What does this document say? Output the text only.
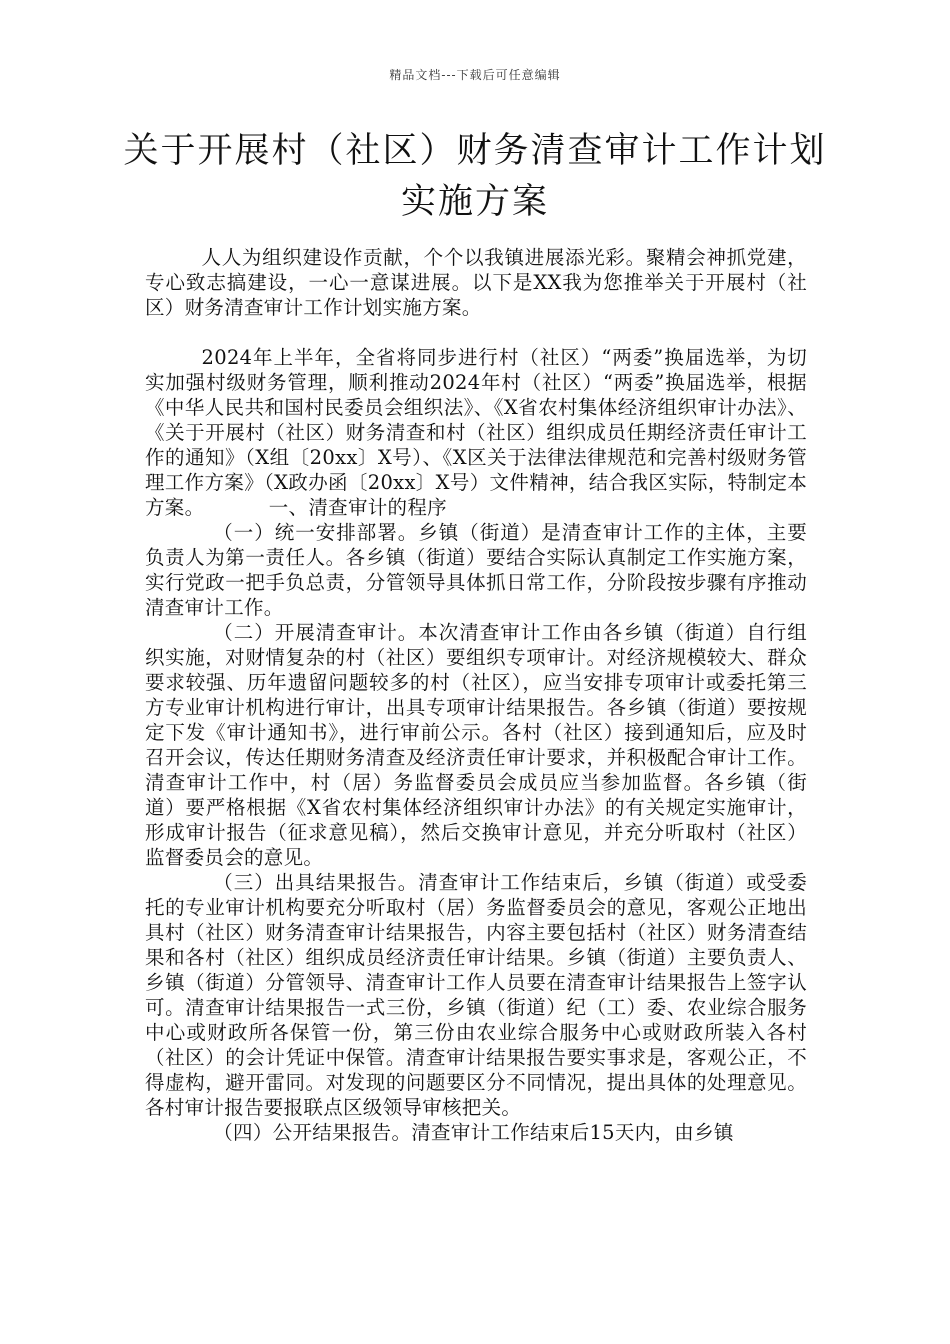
精品文档---下载后可任意编辑
关于开展村（社区）财务清查审计工作计划实施方案

人人为组织建设作贡献，个个以我镇进展添光彩。聚精会神抓党建，专心致志搞建设，一心一意谋进展。以下是XX我为您推举关于开展村（社区）财务清查审计工作计划实施方案。

2024年上半年，全省将同步进行村（社区）“两委”换届选举，为切实加强村级财务管理，顺利推动2024年村（社区）“两委”换届选举，根据《中华人民共和国村民委员会组织法》、《X省农村集体经济组织审计办法》、《关于开展村（社区）财务清查和村（社区）组织成员任期经济责任审计工作的通知》（X组〔20xx〕X号）、《X区关于法律法律规范和完善村级财务管理工作方案》（X政办函〔20xx〕X号）文件精神，结合我区实际，特制定本方案。	一、清查审计的程序

（一）统一安排部署。乡镇（街道）是清查审计工作的主体，主要负责人为第一责任人。各乡镇（街道）要结合实际认真制定工作实施方案，实行党政一把手负总责，分管领导具体抓日常工作，分阶段按步骤有序推动清查审计工作。

（二）开展清查审计。本次清查审计工作由各乡镇（街道）自行组织实施，对财情复杂的村（社区）要组织专项审计。对经济规模较大、群众要求较强、历年遗留问题较多的村（社区），应当安排专项审计或委托第三方专业审计机构进行审计，出具专项审计结果报告。各乡镇（街道）要按规定下发《审计通知书》，进行审前公示。各村（社区）接到通知后，应及时召开会议，传达任期财务清查及经济责任审计要求，并积极配合审计工作。清查审计工作中，村（居）务监督委员会成员应当参加监督。各乡镇（街道）要严格根据《X省农村集体经济组织审计办法》的有关规定实施审计，形成审计报告（征求意见稿），然后交换审计意见，并充分听取村（社区）监督委员会的意见。

（三）出具结果报告。清查审计工作结束后，乡镇（街道）或受委托的专业审计机构要充分听取村（居）务监督委员会的意见，客观公正地出具村（社区）财务清查审计结果报告，内容主要包括村（社区）财务清查结果和各村（社区）组织成员经济责任审计结果。乡镇（街道）主要负责人、乡镇（街道）分管领导、清查审计工作人员要在清查审计结果报告上签字认可。清查审计结果报告一式三份，乡镇（街道）纪（工）委、农业综合服务中心或财政所各保管一份，第三份由农业综合服务中心或财政所装入各村（社区）的会计凭证中保管。清查审计结果报告要实事求是，客观公正，不得虚构，避开雷同。对发现的问题要区分不同情况，提出具体的处理意见。各村审计报告要报联点区级领导审核把关。

（四）公开结果报告。清查审计工作结束后15天内，由乡镇
